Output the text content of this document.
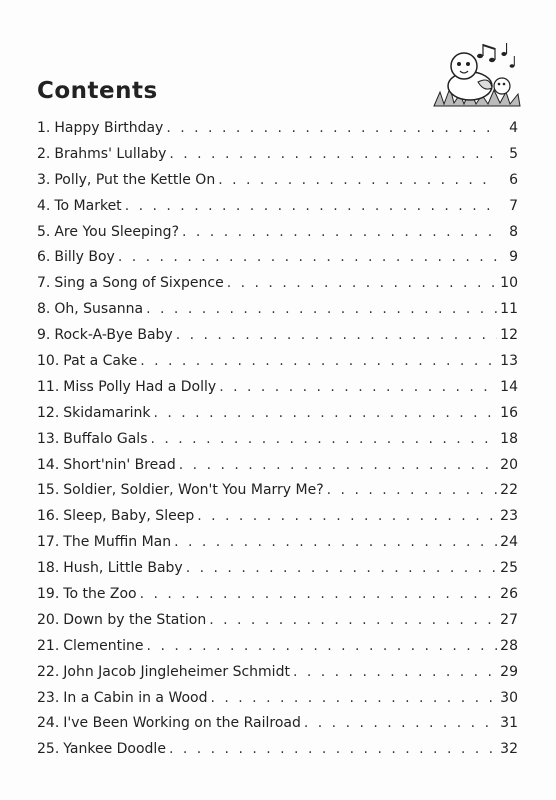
Contents
1. Happy Birthday . . .	4
2. Brahms' Lullaby . . .	5
3. Polly, Put the Kettle On . . .	6
4. To Market . . .	7
5. Are You Sleeping? . . .	8
6. Billy Boy . . .	9
7. Sing a Song of Sixpence . . .	10
8. Oh, Susanna . . .	11
9. Rock-A-Bye Baby . . .	12
10. Pat a Cake . . .	13
11. Miss Polly Had a Dolly . . .	14
12. Skidamarink . . .	16
13. Buffalo Gals . . .	18
14. Short'nin' Bread . . .	20
15. Soldier, Soldier, Won't You Marry Me? . . .	22
16. Sleep, Baby, Sleep . . .	23
17. The Muffin Man . . .	24
18. Hush, Little Baby . . .	25
19. To the Zoo . . .	26
20. Down by the Station . . .	27
21. Clementine . . .	28
22. John Jacob Jingleheimer Schmidt . . .	29
23. In a Cabin in a Wood . . .	30
24. I've Been Working on the Railroad . . .	31
25. Yankee Doodle . . .	32
